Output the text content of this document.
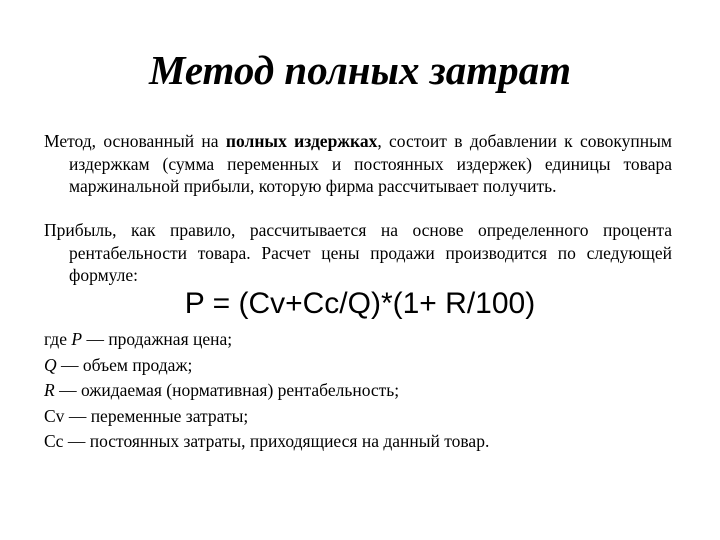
Метод полных затрат
Метод, основанный на полных издержках, состоит в добавлении к совокупным издержкам (сумма переменных и постоянных издержек) единицы товара маржинальной прибыли, которую фирма рассчитывает получить.
Прибыль, как правило, рассчитывается на основе определенного процента рентабельности товара. Расчет цены продажи производится по следующей формуле:
P = (Cv+Cc/Q)*(1+ R/100)
где P — продажная цена;
Q — объем продаж;
R — ожидаемая (нормативная) рентабельность;
Cv — переменные затраты;
Cc — постоянных затраты, приходящиеся на данный товар.
